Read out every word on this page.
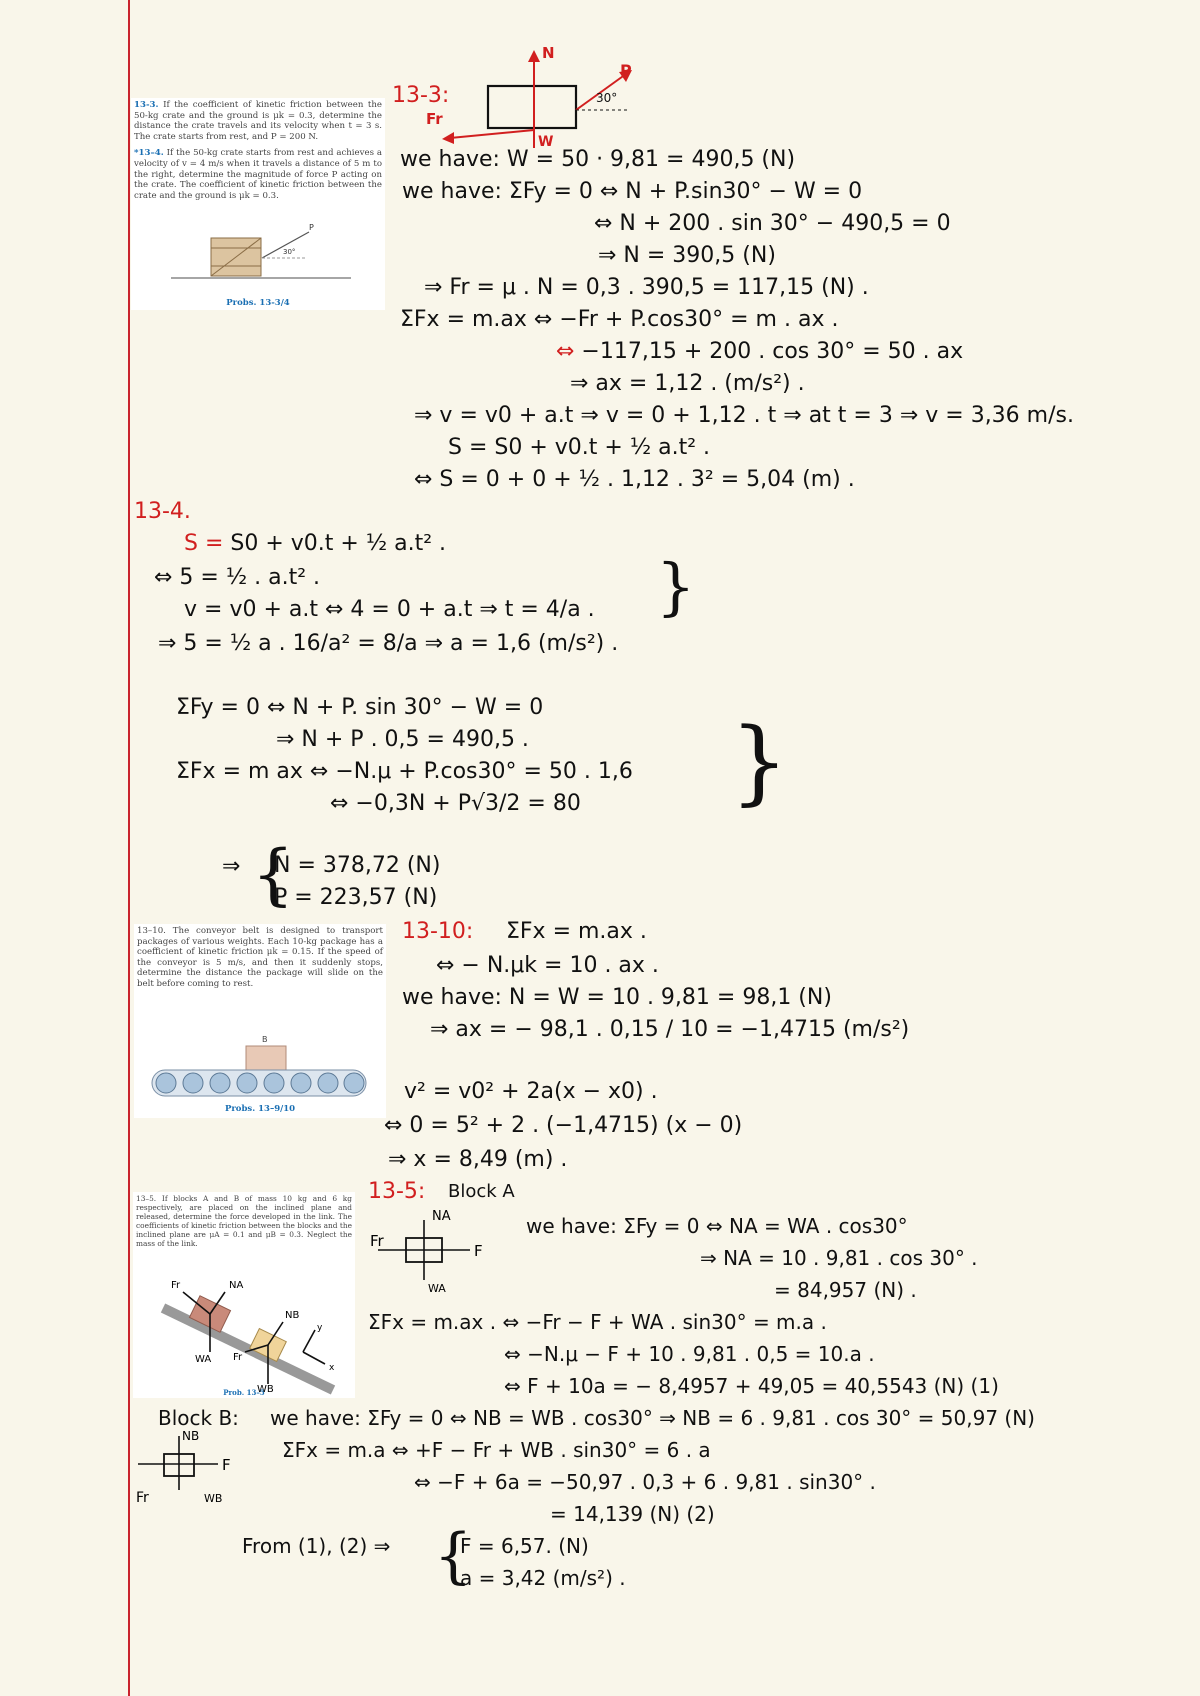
13-3. If the coefficient of kinetic friction between the 50-kg crate and the ground is μk = 0.3, determine the distance the crate travels and its velocity when t = 3 s. The crate starts from rest, and P = 200 N.

*13–4. If the 50-kg crate starts from rest and achieves a velocity of v = 4 m/s when it travels a distance of 5 m to the right, determine the magnitude of force P acting on the crate. The coefficient of kinetic friction between the crate and the ground is μk = 0.3.

P
30°
Probs. 13-3/4
13-3:
N
P
30°
Fr
W
we have: W = 50 · 9,81 = 490,5 (N)
we have: ΣFy = 0 ⇔ N + P.sin30° − W = 0
⇔ N + 200 . sin 30° − 490,5 = 0
⇒ N = 390,5 (N)
⇒ Fr = μ . N = 0,3 . 390,5 = 117,15 (N) .
ΣFx = m.ax ⇔ −Fr + P.cos30° = m . ax .
⇔ −117,15 + 200 . cos 30° = 50 . ax
⇒ ax = 1,12 . (m/s²) .
⇒ v = v0 + a.t ⇒ v = 0 + 1,12 . t ⇒ at t = 3 ⇒ v = 3,36 m/s.
S = S0 + v0.t + ½ a.t² .
⇔ S = 0 + 0 + ½ . 1,12 . 3² = 5,04 (m) .
13-4.
S = S0 + v0.t + ½ a.t² .
⇔ 5 = ½ . a.t² .
v = v0 + a.t ⇔ 4 = 0 + a.t ⇒ t = 4/a . }
⇒ 5 = ½ a . 16/a² = 8/a ⇒ a = 1,6 (m/s²) .
ΣFy = 0 ⇔ N + P. sin 30° − W = 0
⇒ N + P . 0,5 = 490,5 .
ΣFx = m ax ⇔ −N.μ + P.cos30° = 50 . 1,6
⇔ −0,3N + P√3/2 = 80 }
⇒ {
N = 378,72 (N)
P = 223,57 (N)

13–10. The conveyor belt is designed to transport packages of various weights. Each 10-kg package has a coefficient of kinetic friction μk = 0.15. If the speed of the conveyor is 5 m/s, and then it suddenly stops, determine the distance the package will slide on the belt before coming to rest.

B
Probs. 13–9/10
13-10: ΣFx = m.ax .
⇔ − N.μk = 10 . ax .
we have: N = W = 10 . 9,81 = 98,1 (N)
⇒ ax = − 98,1 . 0,15 / 10 = −1,4715 (m/s²)
v² = v0² + 2a(x − x0) .
⇔ 0 = 5² + 2 . (−1,4715) (x − 0)
⇒ x = 8,49 (m) .

13–5. If blocks A and B of mass 10 kg and 6 kg respectively, are placed on the inclined plane and released, determine the force developed in the link. The coefficients of kinetic friction between the blocks and the inclined plane are μA = 0.1 and μB = 0.3. Neglect the mass of the link.

Fr	NA
NB
WA Fr
WB
x
y
Prob. 13–5
13-5: Block A
NA
F
Fr
WA
we have: ΣFy = 0 ⇔ NA = WA . cos30°
⇒ NA = 10 . 9,81 . cos 30° .
= 84,957 (N) .
ΣFx = m.ax . ⇔ −Fr − F + WA . sin30° = m.a .
⇔ −N.μ − F + 10 . 9,81 . 0,5 = 10.a .
⇔ F + 10a = − 8,4957 + 49,05 = 40,5543 (N) (1)
Block B: we have: ΣFy = 0 ⇔ NB = WB . cos30° ⇒ NB = 6 . 9,81 . cos 30° = 50,97 (N)
NB
F
Fr	WB
ΣFx = m.a ⇔ +F − Fr + WB . sin30° = 6 . a
⇔ −F + 6a = −50,97 . 0,3 + 6 . 9,81 . sin30° .
= 14,139 (N) (2)
From (1), (2) ⇒ {
F = 6,57. (N)
a = 3,42 (m/s²) .
